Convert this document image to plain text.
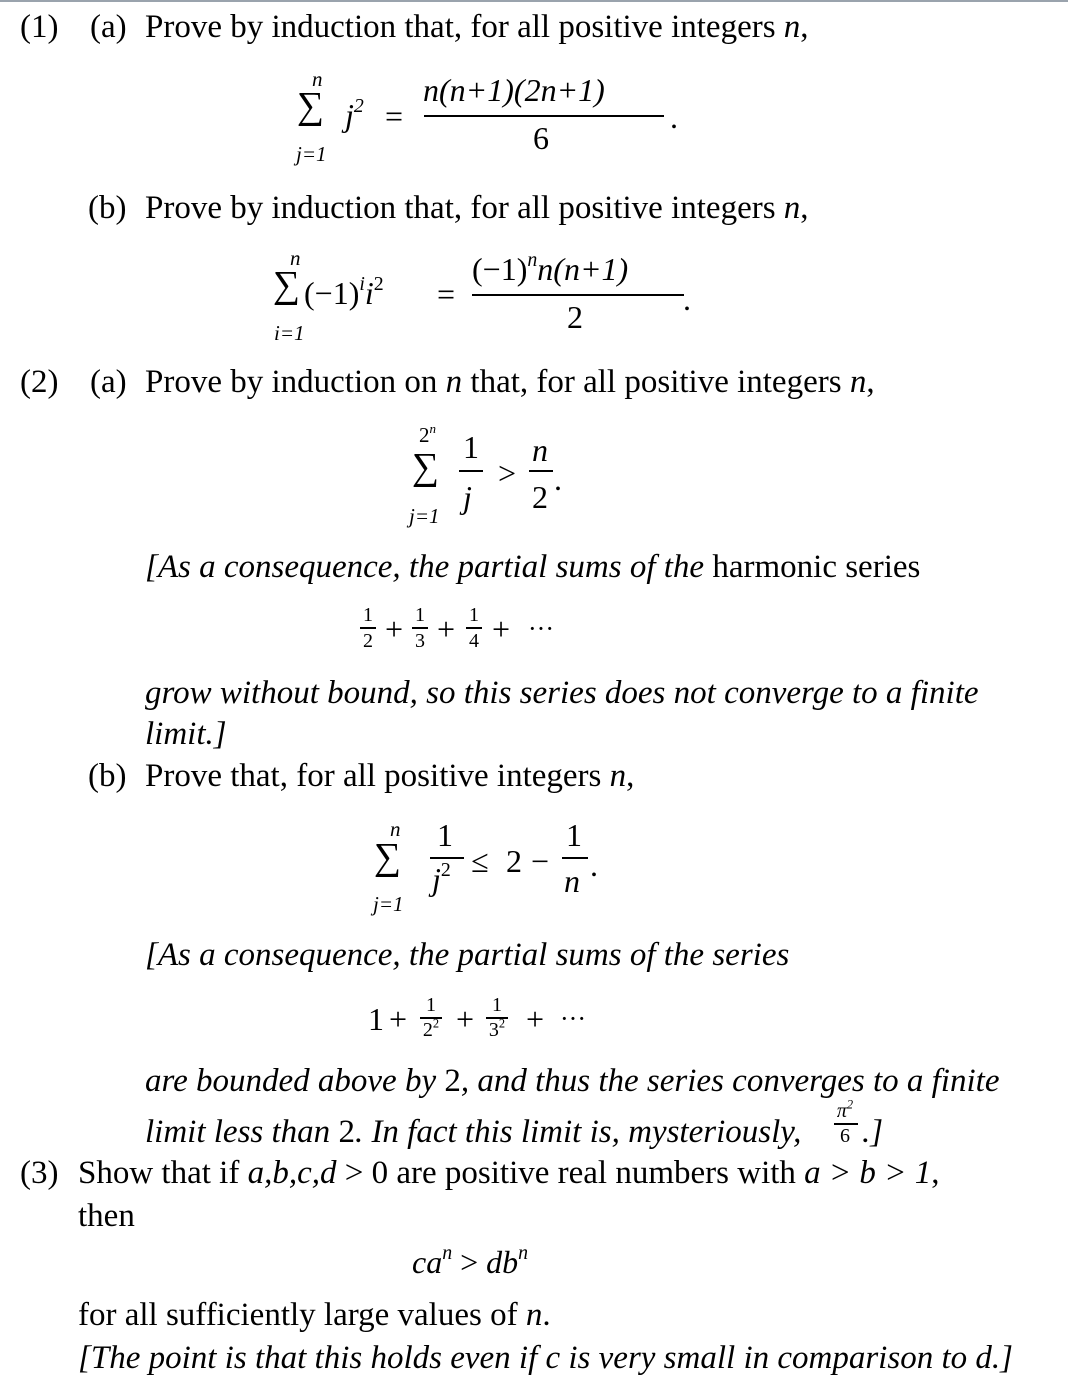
(1) (a) Prove by induction that, for all positive integers n,
n
∑
j=1
$j^2$ =
n(n+1)(2n+1)
6
.
(b) Prove by induction that, for all positive integers n,
n
∑
i=1
$(-1)^ii^2$ =
$(-1)^nn(n+1)$
2	.
(2) (a) Prove by induction on n that, for all positive integers n,
2$^n$
∑
j=1
1
j
>
n
2 .
[As a consequence, the partial sums of the harmonic series
1
2 + 1
3 + 1
4 + ···
grow without bound, so this series does not converge to a finite
limit.]
(b) Prove that, for all positive integers n,
n
∑
j=1
1
$j^2 \le 2$ −
1
n .
[As a consequence, the partial sums of the series
1 + 1
$2^2 + 1$
$3^2$ + ···
are bounded above by 2, and thus the series converges to a finite
limit less than 2. In fact this limit is, mysteriously,
$\pi^2$
6 .]
(3) Show that if a,b,c,d > 0 are positive real numbers with a > b > 1,
then
$ca^n > db^n$
for all sufficiently large values of n.
[The point is that this holds even if c is very small in comparison to d.]
